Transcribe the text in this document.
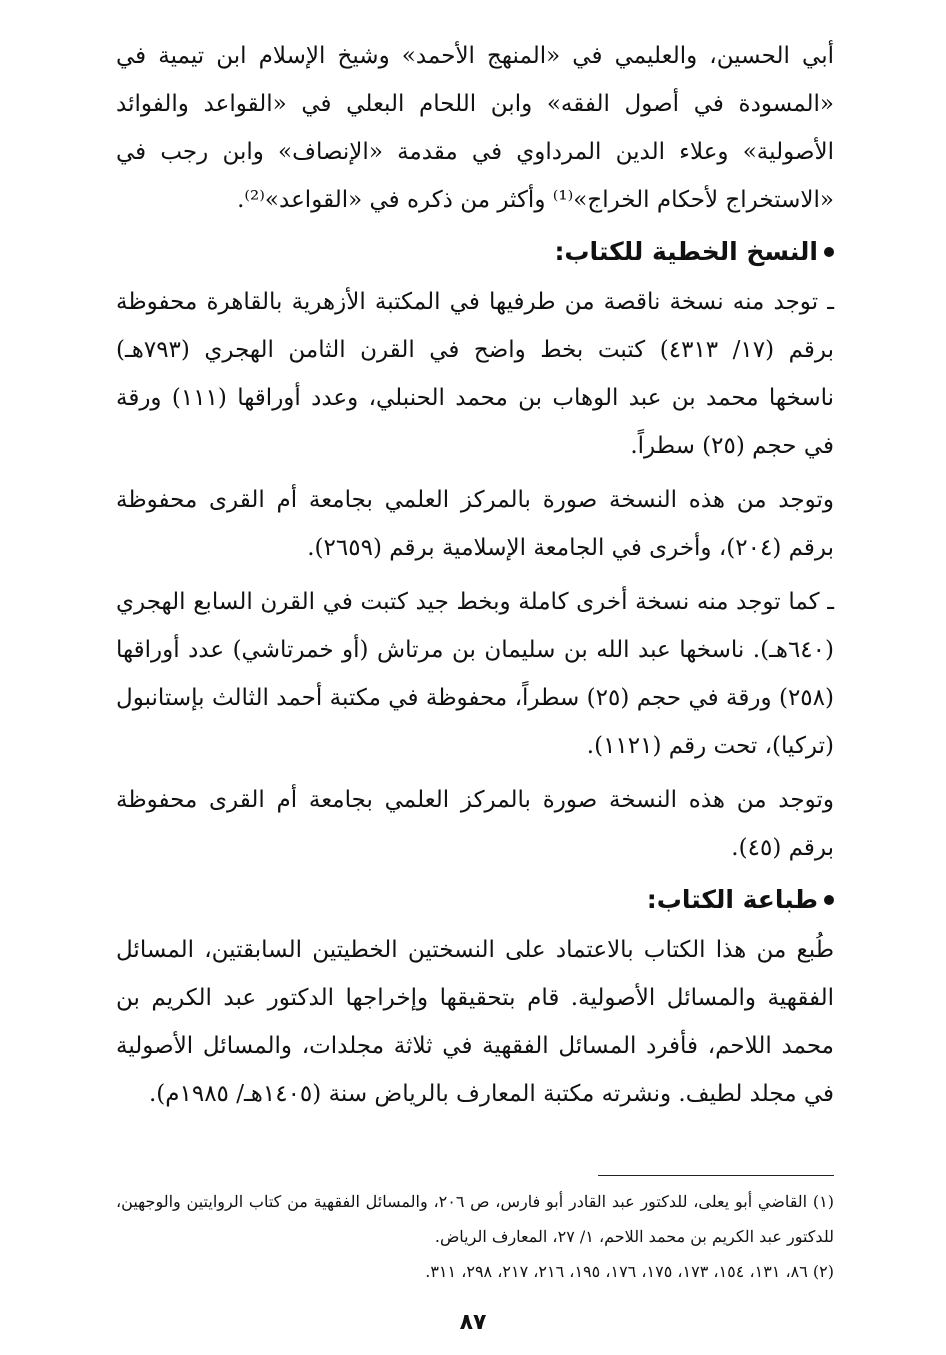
أبي الحسين، والعليمي في «المنهج الأحمد» وشيخ الإسلام ابن تيمية في «المسودة في أصول الفقه» وابن اللحام البعلي في «القواعد والفوائد الأصولية» وعلاء الدين المرداوي في مقدمة «الإنصاف» وابن رجب في «الاستخراج لأحكام الخراج»⁽¹⁾ وأكثر من ذكره في «القواعد»⁽²⁾.

النسخ الخطية للكتاب:

ـ توجد منه نسخة ناقصة من طرفيها في المكتبة الأزهرية بالقاهرة محفوظة برقم (١٧/ ٤٣١٣) كتبت بخط واضح في القرن الثامن الهجري (٧٩٣هـ) ناسخها محمد بن عبد الوهاب بن محمد الحنبلي، وعدد أوراقها (١١١) ورقة في حجم (٢٥) سطراً.

وتوجد من هذه النسخة صورة بالمركز العلمي بجامعة أم القرى محفوظة برقم (٢٠٤)، وأخرى في الجامعة الإسلامية برقم (٢٦٥٩).

ـ كما توجد منه نسخة أخرى كاملة وبخط جيد كتبت في القرن السابع الهجري (٦٤٠هـ). ناسخها عبد الله بن سليمان بن مرتاش (أو خمرتاشي) عدد أوراقها (٢٥٨) ورقة في حجم (٢٥) سطراً، محفوظة في مكتبة أحمد الثالث بإستانبول (تركيا)، تحت رقم (١١٢١).

وتوجد من هذه النسخة صورة بالمركز العلمي بجامعة أم القرى محفوظة برقم (٤٥).

طباعة الكتاب:

طُبع من هذا الكتاب بالاعتماد على النسختين الخطيتين السابقتين، المسائل الفقهية والمسائل الأصولية. قام بتحقيقها وإخراجها الدكتور عبد الكريم بن محمد اللاحم، فأفرد المسائل الفقهية في ثلاثة مجلدات، والمسائل الأصولية في مجلد لطيف. ونشرته مكتبة المعارف بالرياض سنة (١٤٠٥هـ/ ١٩٨٥م).

(١) القاضي أبو يعلى، للدكتور عبد القادر أبو فارس، ص ٢٠٦، والمسائل الفقهية من كتاب الروايتين والوجهين، للدكتور عبد الكريم بن محمد اللاحم، ١/ ٢٧، المعارف الرياض.

(٢) ٨٦، ١٣١، ١٥٤، ١٧٣، ١٧٥، ١٧٦، ١٩٥، ٢١٦، ٢١٧، ٢٩٨، ٣١١.

٨٧
